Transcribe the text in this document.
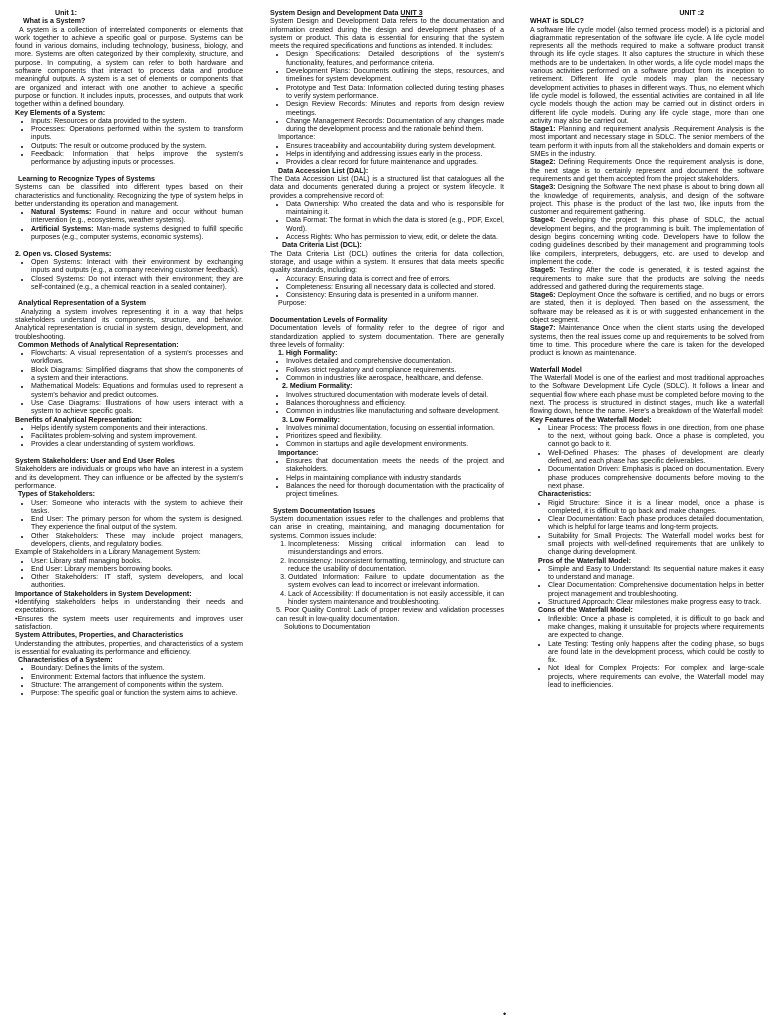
Unit 1:
What is a System?

A system is a collection of interrelated components or elements that work together to achieve a specific goal or purpose. Systems can be found in various domains, including technology, business, biology, and more. Systems are often categorized by their complexity, structure, and purpose. In computing, a system can refer to both hardware and software components that interact to process data and produce meaningful outputs. A system is a set of elements or components that are organized and interact with one another to achieve a specific purpose or function. It includes inputs, processes, and outputs that work together within a defined boundary.

Key Elements of a System:
• Inputs: Resources or data provided to the system.
• Processes: Operations performed within the system to transform inputs.
• Outputs: The result or outcome produced by the system.
• Feedback: Information that helps improve the system's performance by adjusting inputs or processes.
Learning to Recognize Types of Systems

Systems can be classified into different types based on their characteristics and functionality. Recognizing the type of system helps in better understanding its operation and management.

• Natural Systems: Found in nature and occur without human intervention (e.g., ecosystems, weather systems).
• Artificial Systems: Man-made systems designed to fulfill specific purposes (e.g., computer systems, economic systems).
2. Open vs. Closed Systems:
• Open Systems: Interact with their environment by exchanging inputs and outputs (e.g., a company receiving customer feedback).
• Closed Systems: Do not interact with their environment; they are self-contained (e.g., a chemical reaction in a sealed container).
Analytical Representation of a System

Analyzing a system involves representing it in a way that helps stakeholders understand its components, structure, and behavior. Analytical representation is crucial in system design, development, and troubleshooting.

Common Methods of Analytical Representation:
• Flowcharts: A visual representation of a system's processes and workflows.
• Block Diagrams: Simplified diagrams that show the components of a system and their interactions.
• Mathematical Models: Equations and formulas used to represent a system's behavior and predict outcomes.
• Use Case Diagrams: Illustrations of how users interact with a system to achieve specific goals.
Benefits of Analytical Representation:
• Helps identify system components and their interactions.
• Facilitates problem-solving and system improvement.
• Provides a clear understanding of system workflows.
System Stakeholders: User and End User Roles

Stakeholders are individuals or groups who have an interest in a system and its development. They can influence or be affected by the system's performance.

Types of Stakeholders:
• User: Someone who interacts with the system to achieve their tasks.
• End User: The primary person for whom the system is designed. They experience the final output of the system.
• Other Stakeholders: These may include project managers, developers, clients, and regulatory bodies.
Example of Stakeholders in a Library Management System:
• User: Library staff managing books.
• End User: Library members borrowing books.
• Other Stakeholders: IT staff, system developers, and local authorities.
Importance of Stakeholders in System Development:

•Identifying stakeholders helps in understanding their needs and expectations.

•Ensures the system meets user requirements and improves user satisfaction.

System Attributes, Properties, and Characteristics

Understanding the attributes, properties, and characteristics of a system is essential for evaluating its performance and efficiency.

Characteristics of a System:
• Boundary: Defines the limits of the system.
• Environment: External factors that influence the system.
• Structure: The arrangement of components within the system.
• Purpose: The specific goal or function the system aims to achieve.
System Design and Development Data UNIT 3

System Design and Development Data refers to the documentation and information created during the design and development phases of a system or product. This data is essential for ensuring that the system meets the required specifications and functions as intended. It includes:

• Design Specifications: Detailed descriptions of the system's functionality, features, and performance criteria.
• Development Plans: Documents outlining the steps, resources, and timelines for system development.
• Prototype and Test Data: Information collected during testing phases to verify system performance.
• Design Review Records: Minutes and reports from design review meetings.
• Change Management Records: Documentation of any changes made during the development process and the rationale behind them.
Importance:
• Ensures traceability and accountability during system development.
• Helps in identifying and addressing issues early in the process.
• Provides a clear record for future maintenance and upgrades.
Data Accession List (DAL):

The Data Accession List (DAL) is a structured list that catalogues all the data and documents generated during a project or system lifecycle. It provides a comprehensive record of:

• Data Ownership: Who created the data and who is responsible for maintaining it.
• Data Format: The format in which the data is stored (e.g., PDF, Excel, Word).
• Access Rights: Who has permission to view, edit, or delete the data.
Data Criteria List (DCL):

The Data Criteria List (DCL) outlines the criteria for data collection, storage, and usage within a system. It ensures that data meets specific quality standards, including:

• Accuracy: Ensuring data is correct and free of errors.
• Completeness: Ensuring all necessary data is collected and stored.
• Consistency: Ensuring data is presented in a uniform manner.
Purpose:
Documentation Levels of Formality

Documentation levels of formality refer to the degree of rigor and standardization applied to system documentation. There are generally three levels of formality:

1. High Formality:
• Involves detailed and comprehensive documentation.
• Follows strict regulatory and compliance requirements.
• Common in industries like aerospace, healthcare, and defense.
2. Medium Formality:
• Involves structured documentation with moderate levels of detail.
• Balances thoroughness and efficiency.
• Common in industries like manufacturing and software development.
3. Low Formality:
• Involves minimal documentation, focusing on essential information.
• Prioritizes speed and flexibility.
• Common in startups and agile development environments.
Importance:
• Ensures that documentation meets the needs of the project and stakeholders.
• Helps in maintaining compliance with industry standards
• Balances the need for thorough documentation with the practicality of project timelines.
System Documentation Issues

System documentation issues refer to the challenges and problems that can arise in creating, maintaining, and managing documentation for systems. Common issues include:

1. Incompleteness: Missing critical information can lead to misunderstandings and errors.
2. Inconsistency: Inconsistent formatting, terminology, and structure can reduce the usability of documentation.
3. Outdated Information: Failure to update documentation as the system evolves can lead to incorrect or irrelevant information.
4. Lack of Accessibility: If documentation is not easily accessible, it can hinder system maintenance and troubleshooting.

5. Poor Quality Control: Lack of proper review and validation processes can result in low-quality documentation.

Solutions to Documentation
UNIT :2
WHAT is SDLC?

A software life cycle model (also termed process model) is a pictorial and diagrammatic representation of the software life cycle. A life cycle model represents all the methods required to make a software product transit through its life cycle stages. It also captures the structure in which these methods are to be undertaken. In other words, a life cycle model maps the various activities performed on a software product from its inception to retirement. Different life cycle models may plan the necessary development activities to phases in different ways. Thus, no element which life cycle model is followed, the essential activities are contained in all life cycle models though the action may be carried out in distinct orders in different life cycle models. During any life cycle stage, more than one activity may also be carried out.

Stage1: Planning and requirement analysis .Requirement Analysis is the most important and necessary stage in SDLC. The senior members of the team perform it with inputs from all the stakeholders and domain experts or SMEs in the industry.

Stage2: Defining Requirements Once the requirement analysis is done, the next stage is to certainly represent and document the software requirements and get them accepted from the project stakeholders.

Stage3: Designing the Software The next phase is about to bring down all the knowledge of requirements, analysis, and design of the software project. This phase is the product of the last two, like inputs from the customer and requirement gathering.

Stage4: Developing the project In this phase of SDLC, the actual development begins, and the programming is built. The implementation of design begins concerning writing code. Developers have to follow the coding guidelines described by their management and programming tools like compilers, interpreters, debuggers, etc. are used to develop and implement the code.

Stage5: Testing After the code is generated, it is tested against the requirements to make sure that the products are solving the needs addressed and gathered during the requirements stage.

Stage6: Deployment Once the software is certified, and no bugs or errors are stated, then it is deployed. Then based on the assessment, the software may be released as it is or with suggested enhancement in the object segment.

Stage7: Maintenance Once when the client starts using the developed systems, then the real issues come up and requirements to be solved from time to time. This procedure where the care is taken for the developed product is known as maintenance.

Waterfall Model

The Waterfall Model is one of the earliest and most traditional approaches to the Software Development Life Cycle (SDLC). It follows a linear and sequential flow where each phase must be completed before moving to the next. The process is structured in distinct stages, much like a waterfall flowing down, hence the name. Here's a breakdown of the Waterfall model:

Key Features of the Waterfall Model:
• Linear Process: The process flows in one direction, from one phase to the next, without going back. Once a phase is completed, you cannot go back to it.
• Well-Defined Phases: The phases of development are clearly defined, and each phase has specific deliverables.
• Documentation Driven: Emphasis is placed on documentation. Every phase produces comprehensive documents before moving to the next phase.
Characteristics:
• Rigid Structure: Since it is a linear model, once a phase is completed, it is difficult to go back and make changes.
• Clear Documentation: Each phase produces detailed documentation, which is helpful for large teams and long-term projects.
• Suitability for Small Projects: The Waterfall model works best for small projects with well-defined requirements that are unlikely to change during development.
Pros of the Waterfall Model:
• Simple and Easy to Understand: Its sequential nature makes it easy to understand and manage.
• Clear Documentation: Comprehensive documentation helps in better project management and troubleshooting.
• Structured Approach: Clear milestones make progress easy to track.
Cons of the Waterfall Model:
• Inflexible: Once a phase is completed, it is difficult to go back and make changes, making it unsuitable for projects where requirements are expected to change.
• Late Testing: Testing only happens after the coding phase, so bugs are found late in the development process, which could be costly to fix.
• Not Ideal for Complex Projects: For complex and large-scale projects, where requirements can evolve, the Waterfall model may lead to inefficiencies.
•
